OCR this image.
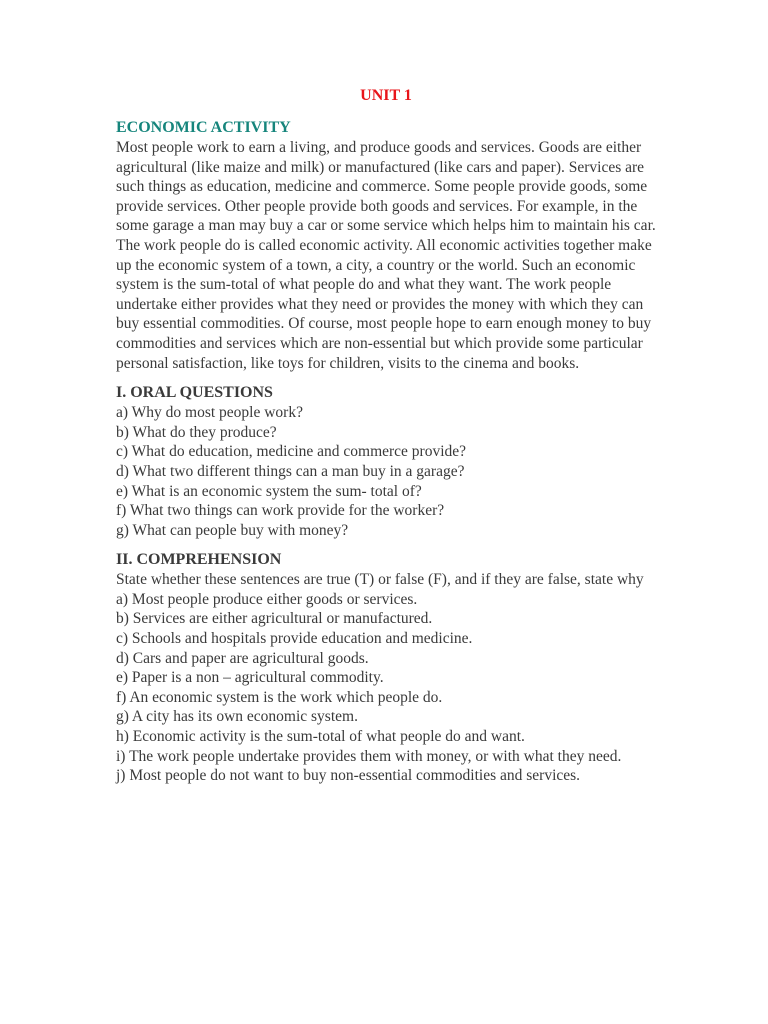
UNIT 1
ECONOMIC ACTIVITY

Most people work to earn a living, and produce goods and services. Goods are either agricultural (like maize and milk) or manufactured (like cars and paper). Services are such things as education, medicine and commerce. Some people provide goods, some provide services. Other people provide both goods and services. For example, in the some garage a man may buy a car or some service which helps him to maintain his car. The work people do is called economic activity. All economic activities together make up the economic system of a town, a city, a country or the world. Such an economic system is the sum-total of what people do and what they want. The work people undertake either provides what they need or provides the money with which they can buy essential commodities. Of course, most people hope to earn enough money to buy commodities and services which are non-essential but which provide some particular personal satisfaction, like toys for children, visits to the cinema and books.

I. ORAL QUESTIONS
a) Why do most people work?
b) What do they produce?
c) What do education, medicine and commerce provide?
d) What two different things can a man buy in a garage?
e) What is an economic system the sum- total of?
f) What two things can work provide for the worker?
g) What can people buy with money?
II. COMPREHENSION

State whether these sentences are true (T) or false (F), and if they are false, state why

a) Most people produce either goods or services.
b) Services are either agricultural or manufactured.
c) Schools and hospitals provide education and medicine.
d) Cars and paper are agricultural goods.
e) Paper is a non – agricultural commodity.
f) An economic system is the work which people do.
g) A city has its own economic system.
h) Economic activity is the sum-total of what people do and want.
i) The work people undertake provides them with money, or with what they need.
j) Most people do not want to buy non-essential commodities and services.
